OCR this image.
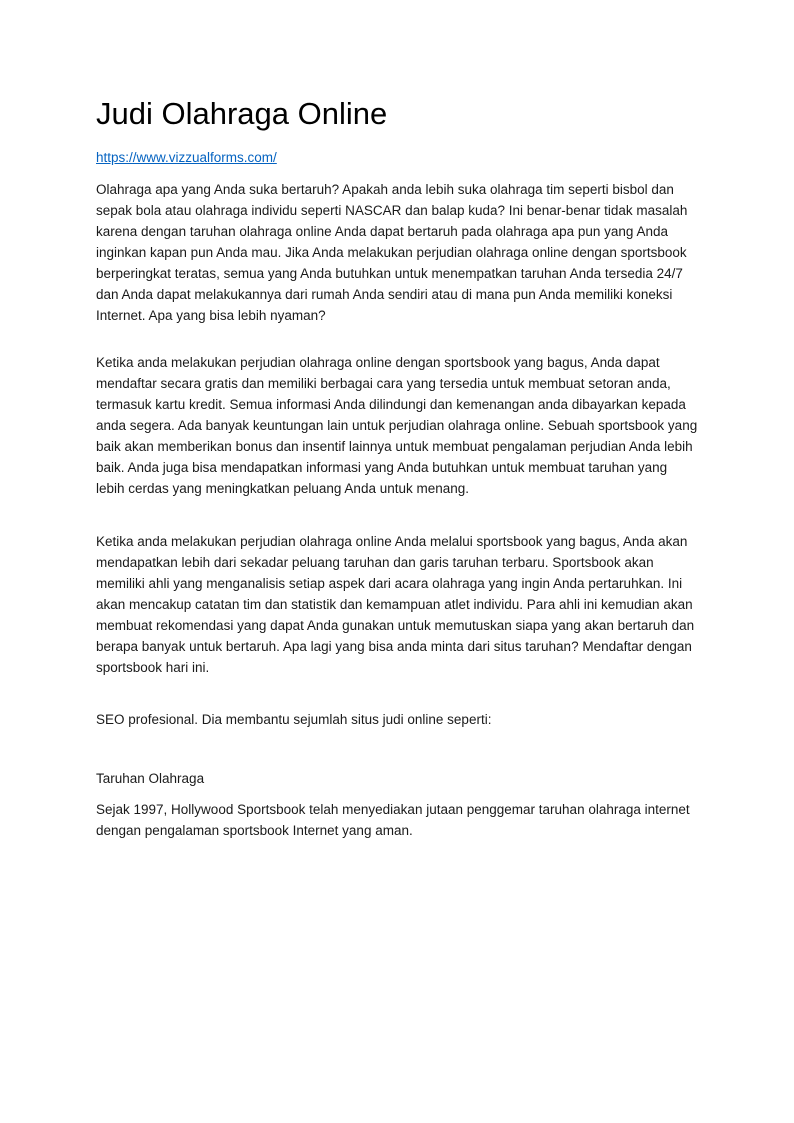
Judi Olahraga Online

https://www.vizzualforms.com/

Olahraga apa yang Anda suka bertaruh? Apakah anda lebih suka olahraga tim seperti bisbol dan sepak bola atau olahraga individu seperti NASCAR dan balap kuda? Ini benar-benar tidak masalah karena dengan taruhan olahraga online Anda dapat bertaruh pada olahraga apa pun yang Anda inginkan kapan pun Anda mau. Jika Anda melakukan perjudian olahraga online dengan sportsbook berperingkat teratas, semua yang Anda butuhkan untuk menempatkan taruhan Anda tersedia 24/7 dan Anda dapat melakukannya dari rumah Anda sendiri atau di mana pun Anda memiliki koneksi Internet. Apa yang bisa lebih nyaman?

Ketika anda melakukan perjudian olahraga online dengan sportsbook yang bagus, Anda dapat mendaftar secara gratis dan memiliki berbagai cara yang tersedia untuk membuat setoran anda, termasuk kartu kredit. Semua informasi Anda dilindungi dan kemenangan anda dibayarkan kepada anda segera. Ada banyak keuntungan lain untuk perjudian olahraga online. Sebuah sportsbook yang baik akan memberikan bonus dan insentif lainnya untuk membuat pengalaman perjudian Anda lebih baik. Anda juga bisa mendapatkan informasi yang Anda butuhkan untuk membuat taruhan yang lebih cerdas yang meningkatkan peluang Anda untuk menang.

Ketika anda melakukan perjudian olahraga online Anda melalui sportsbook yang bagus, Anda akan mendapatkan lebih dari sekadar peluang taruhan dan garis taruhan terbaru. Sportsbook akan memiliki ahli yang menganalisis setiap aspek dari acara olahraga yang ingin Anda pertaruhkan. Ini akan mencakup catatan tim dan statistik dan kemampuan atlet individu. Para ahli ini kemudian akan membuat rekomendasi yang dapat Anda gunakan untuk memutuskan siapa yang akan bertaruh dan berapa banyak untuk bertaruh. Apa lagi yang bisa anda minta dari situs taruhan? Mendaftar dengan sportsbook hari ini.

SEO profesional. Dia membantu sejumlah situs judi online seperti:

Taruhan Olahraga

Sejak 1997, Hollywood Sportsbook telah menyediakan jutaan penggemar taruhan olahraga internet dengan pengalaman sportsbook Internet yang aman.
